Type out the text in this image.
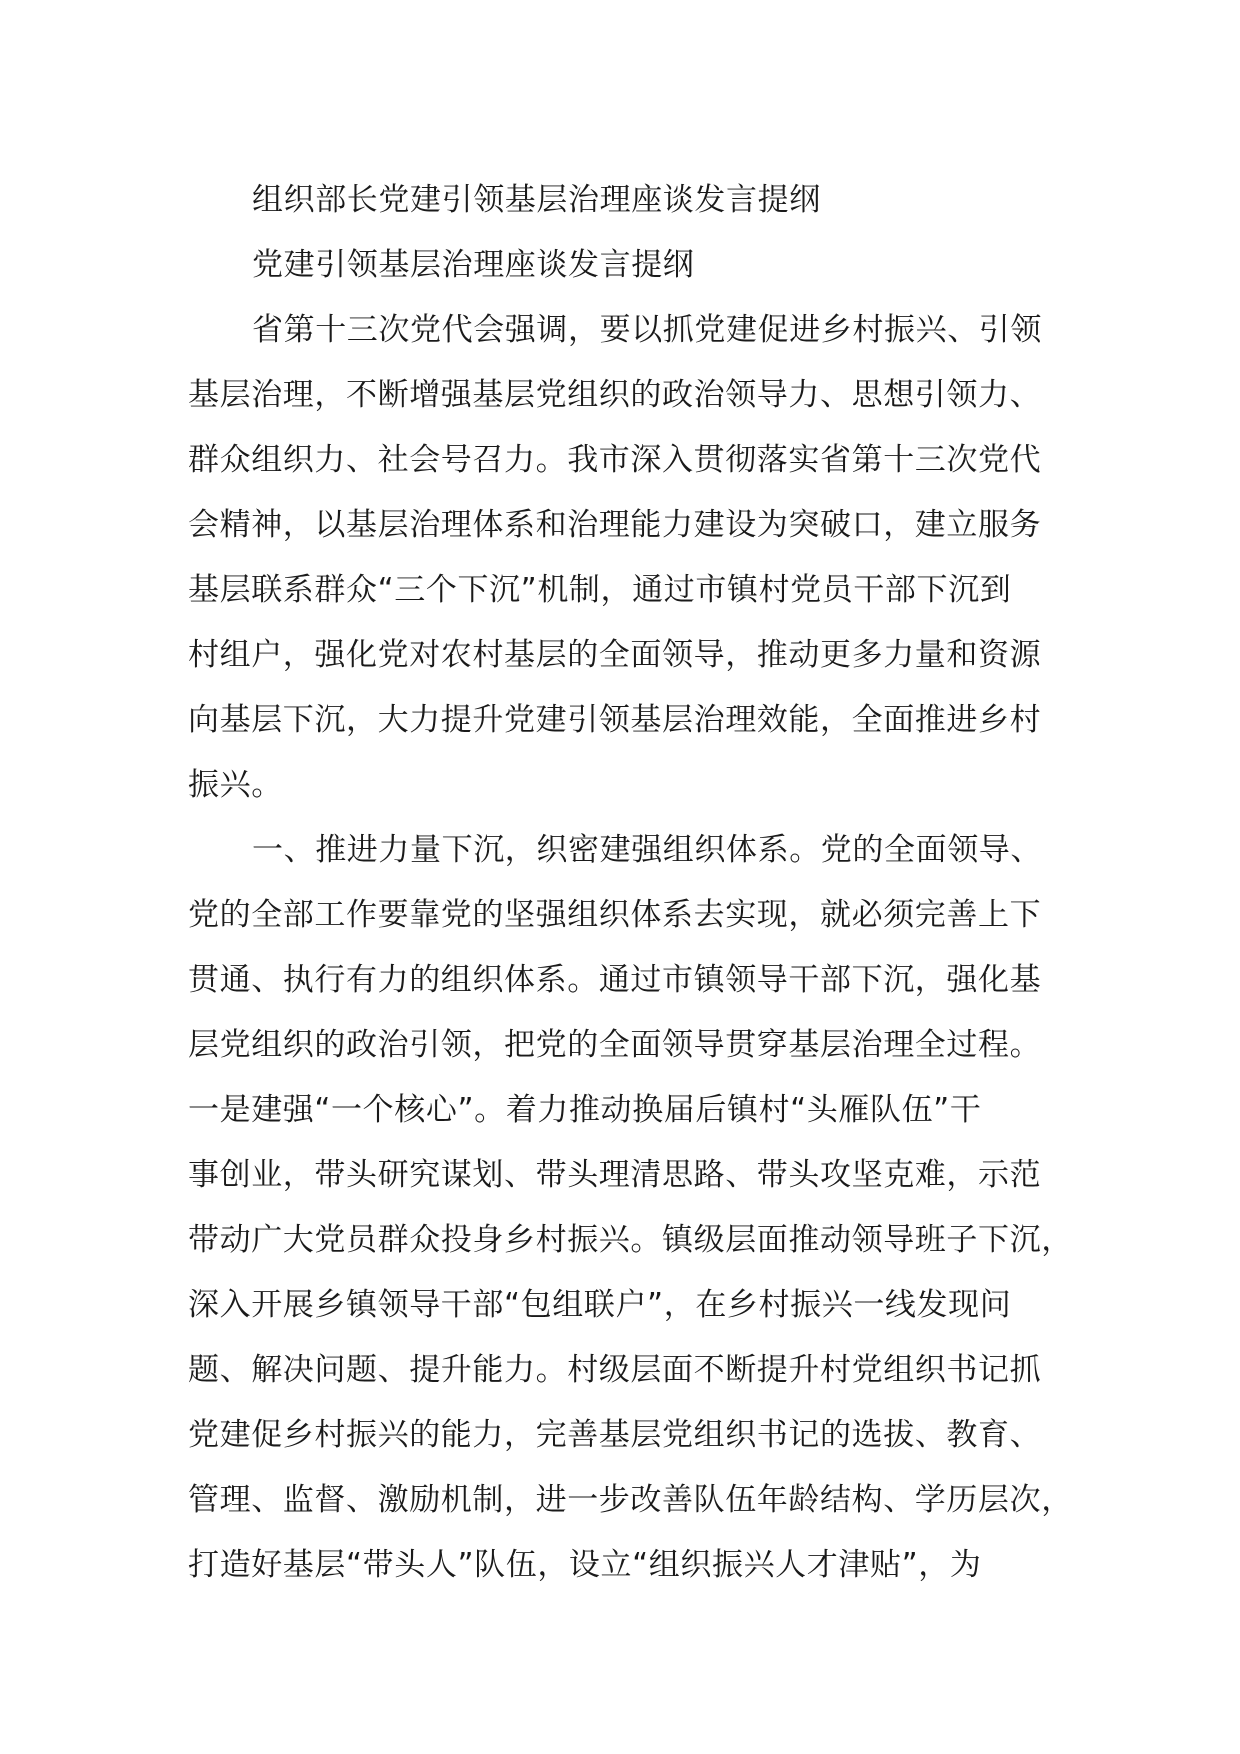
组织部长党建引领基层治理座谈发言提纲
党建引领基层治理座谈发言提纲
省第十三次党代会强调，要以抓党建促进乡村振兴、引领
基层治理，不断增强基层党组织的政治领导力、思想引领力、
群众组织力、社会号召力。我市深入贯彻落实省第十三次党代
会精神，以基层治理体系和治理能力建设为突破口，建立服务
基层联系群众“三个下沉”机制，通过市镇村党员干部下沉到
村组户，强化党对农村基层的全面领导，推动更多力量和资源
向基层下沉，大力提升党建引领基层治理效能，全面推进乡村
振兴。
一、推进力量下沉，织密建强组织体系。党的全面领导、
党的全部工作要靠党的坚强组织体系去实现，就必须完善上下
贯通、执行有力的组织体系。通过市镇领导干部下沉，强化基
层党组织的政治引领，把党的全面领导贯穿基层治理全过程。
一是建强“一个核心”。着力推动换届后镇村“头雁队伍”干
事创业，带头研究谋划、带头理清思路、带头攻坚克难，示范
带动广大党员群众投身乡村振兴。镇级层面推动领导班子下沉，
深入开展乡镇领导干部“包组联户”，在乡村振兴一线发现问
题、解决问题、提升能力。村级层面不断提升村党组织书记抓
党建促乡村振兴的能力，完善基层党组织书记的选拔、教育、
管理、监督、激励机制，进一步改善队伍年龄结构、学历层次，
打造好基层“带头人”队伍，设立“组织振兴人才津贴”，为
